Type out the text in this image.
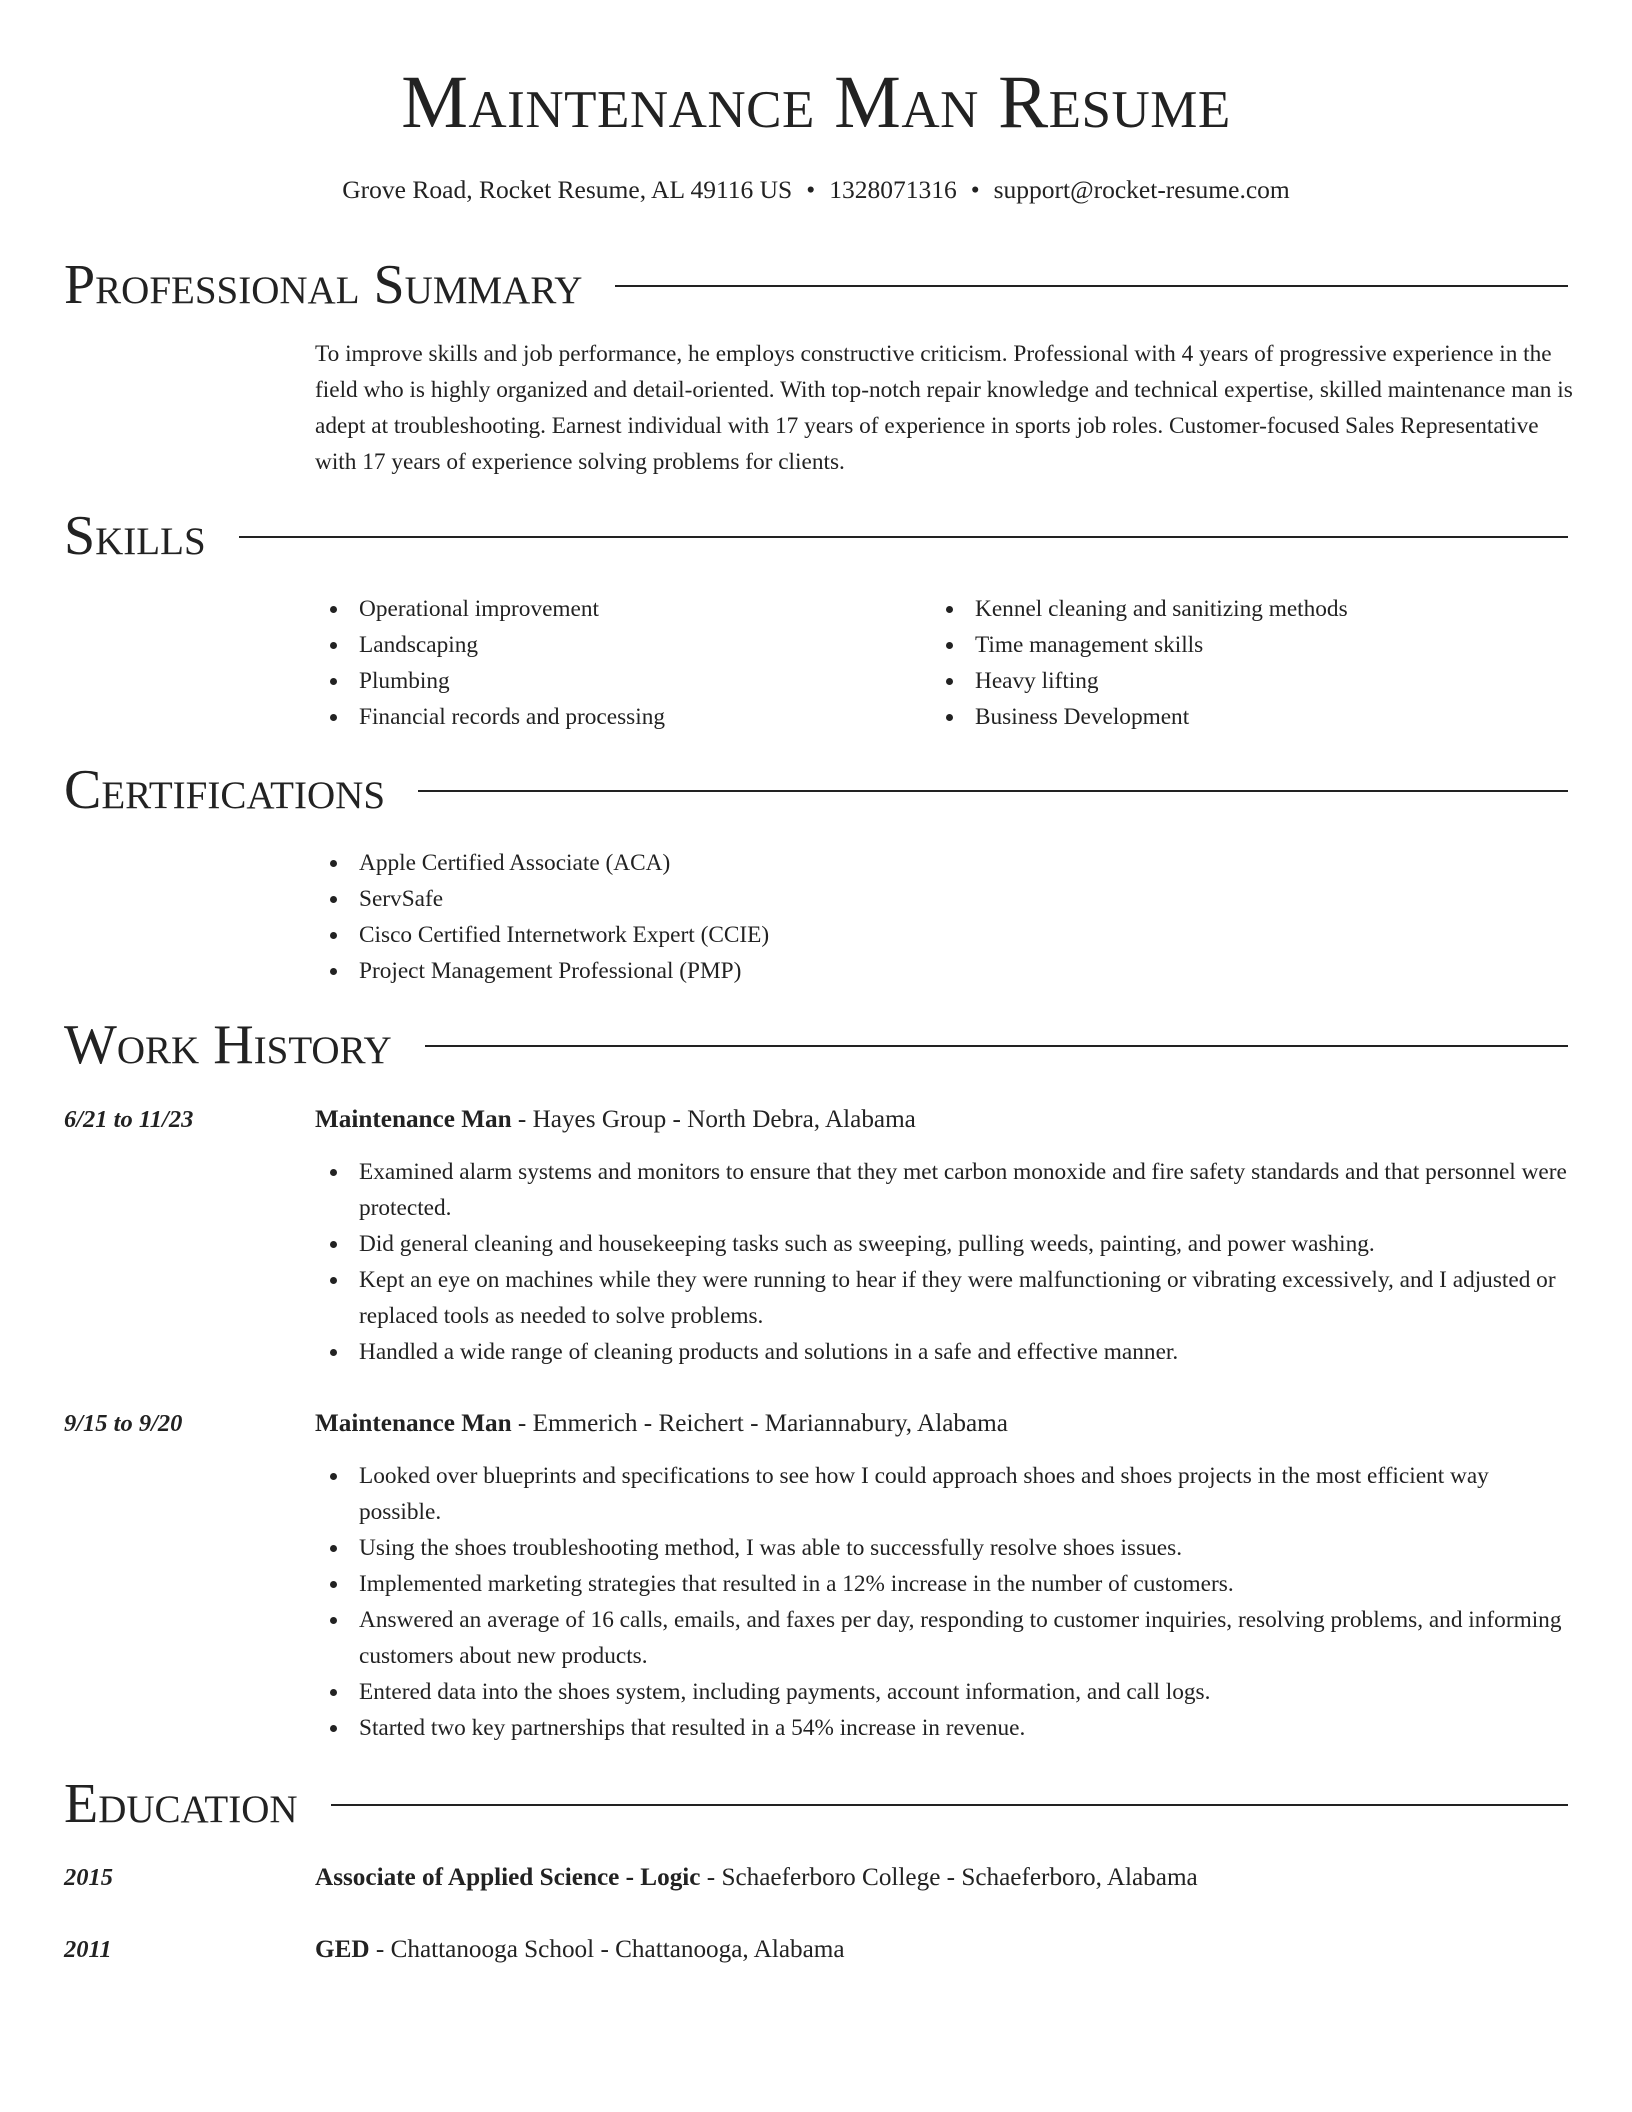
Maintenance Man Resume
Grove Road, Rocket Resume, AL 49116 US • 1328071316 • support@rocket-resume.com
Professional Summary
To improve skills and job performance, he employs constructive criticism. Professional with 4 years of progressive experience in the field who is highly organized and detail-oriented. With top-notch repair knowledge and technical expertise, skilled maintenance man is adept at troubleshooting. Earnest individual with 17 years of experience in sports job roles. Customer-focused Sales Representative with 17 years of experience solving problems for clients.
Skills
Operational improvement
Landscaping
Plumbing
Financial records and processing
Kennel cleaning and sanitizing methods
Time management skills
Heavy lifting
Business Development
Certifications
Apple Certified Associate (ACA)
ServSafe
Cisco Certified Internetwork Expert (CCIE)
Project Management Professional (PMP)
Work History
6/21 to 11/23	Maintenance Man - Hayes Group - North Debra, Alabama
Examined alarm systems and monitors to ensure that they met carbon monoxide and fire safety standards and that personnel were protected.
Did general cleaning and housekeeping tasks such as sweeping, pulling weeds, painting, and power washing.
Kept an eye on machines while they were running to hear if they were malfunctioning or vibrating excessively, and I adjusted or replaced tools as needed to solve problems.
Handled a wide range of cleaning products and solutions in a safe and effective manner.
9/15 to 9/20	Maintenance Man - Emmerich - Reichert - Mariannabury, Alabama
Looked over blueprints and specifications to see how I could approach shoes and shoes projects in the most efficient way possible.
Using the shoes troubleshooting method, I was able to successfully resolve shoes issues.
Implemented marketing strategies that resulted in a 12% increase in the number of customers.
Answered an average of 16 calls, emails, and faxes per day, responding to customer inquiries, resolving problems, and informing customers about new products.
Entered data into the shoes system, including payments, account information, and call logs.
Started two key partnerships that resulted in a 54% increase in revenue.
Education
2015	Associate of Applied Science - Logic - Schaeferboro College - Schaeferboro, Alabama
2011	GED - Chattanooga School - Chattanooga, Alabama
